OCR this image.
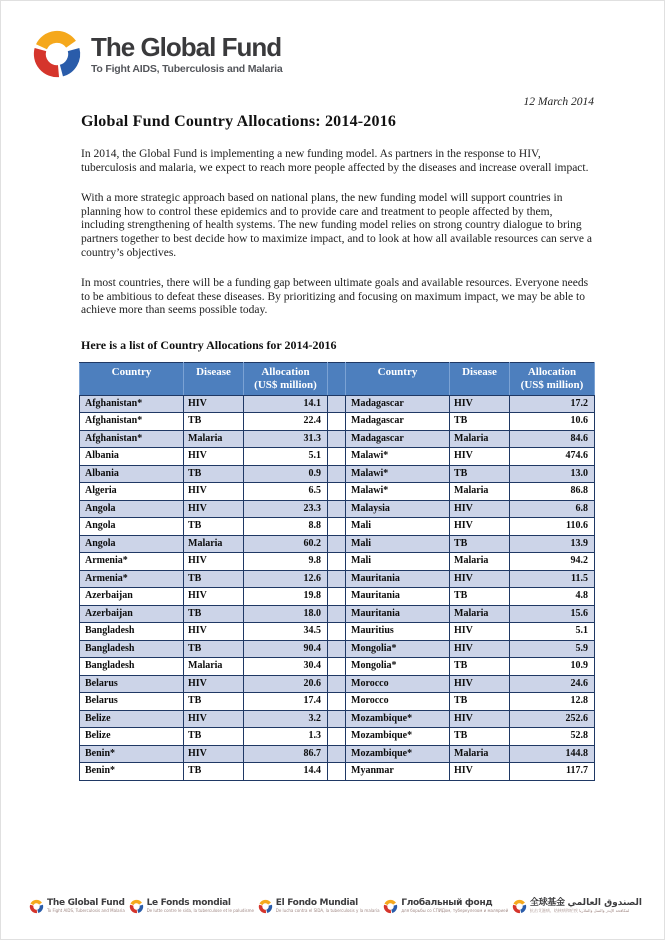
The Global Fund
To Fight AIDS, Tuberculosis and Malaria
12 March 2014
Global Fund Country Allocations: 2014-2016

In 2014, the Global Fund is implementing a new funding model. As partners in the response to HIV, tuberculosis and malaria, we expect to reach more people affected by the diseases and increase overall impact.

With a more strategic approach based on national plans, the new funding model will support countries in planning how to control these epidemics and to provide care and treatment to people affected by them, including strengthening of health systems. The new funding model relies on strong country dialogue to bring partners together to best decide how to maximize impact, and to look at how all available resources can serve a country’s objectives.

In most countries, there will be a funding gap between ultimate goals and available resources. Everyone needs to be ambitious to defeat these diseases. By prioritizing and focusing on maximum impact, we may be able to achieve more than seems possible today.

Here is a list of Country Allocations for 2014-2016
Country	Disease	Allocation (US$ million)		Country	Disease	Allocation (US$ million)
Afghanistan*	HIV	14.1		Madagascar	HIV	17.2
Afghanistan*	TB	22.4		Madagascar	TB	10.6
Afghanistan*	Malaria	31.3		Madagascar	Malaria	84.6
Albania	HIV	5.1		Malawi*	HIV	474.6
Albania	TB	0.9		Malawi*	TB	13.0
Algeria	HIV	6.5		Malawi*	Malaria	86.8
Angola	HIV	23.3		Malaysia	HIV	6.8
Angola	TB	8.8		Mali	HIV	110.6
Angola	Malaria	60.2		Mali	TB	13.9
Armenia*	HIV	9.8		Mali	Malaria	94.2
Armenia*	TB	12.6		Mauritania	HIV	11.5
Azerbaijan	HIV	19.8		Mauritania	TB	4.8
Azerbaijan	TB	18.0		Mauritania	Malaria	15.6
Bangladesh	HIV	34.5		Mauritius	HIV	5.1
Bangladesh	TB	90.4		Mongolia*	HIV	5.9
Bangladesh	Malaria	30.4		Mongolia*	TB	10.9
Belarus	HIV	20.6		Morocco	HIV	24.6
Belarus	TB	17.4		Morocco	TB	12.8
Belize	HIV	3.2		Mozambique*	HIV	252.6
Belize	TB	1.3		Mozambique*	TB	52.8
Benin*	HIV	86.7		Mozambique*	Malaria	144.8
Benin*	TB	14.4		Myanmar	HIV	117.7
The Global Fund
To Fight AIDS, Tuberculosis and Malaria
Le Fonds mondial
De lutte contre le sida, la tuberculose et le paludisme
El Fondo Mundial
De lucha contra el SIDA, la tuberculosis y la malaria
Глобальный фонд
для борьбы со СПИДом, туберкулезом и малярией
全球基金 الصندوق العالمي
抗击艾滋病、结核病和疟疾 لمكافحة الإيدز والسل والملاريا
